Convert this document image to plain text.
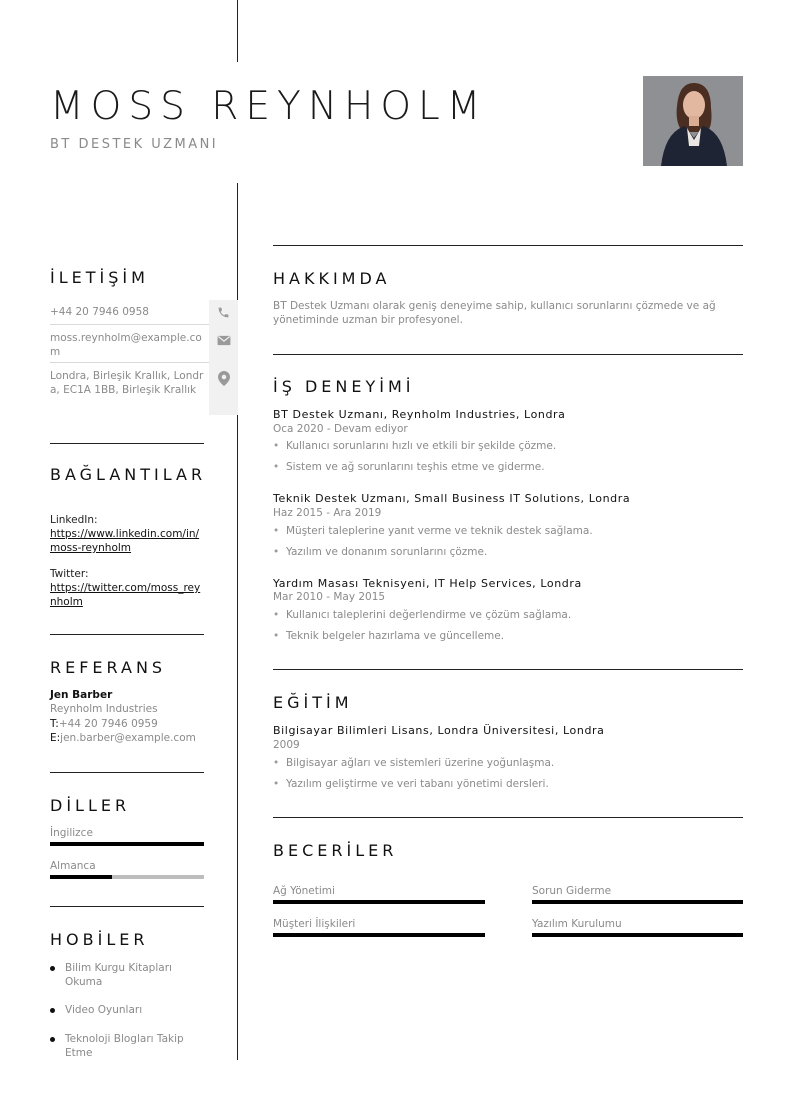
MOSS REYNHOLM
BT DESTEK UZMANI
İLETİŞİM
+44 20 7946 0958
moss.reynholm@example.com
Londra, Birleşik Krallık, Londra, EC1A 1BB, Birleşik Krallık
BAĞLANTILAR
LinkedIn:
https://www.linkedin.com/in/moss-reynholm
Twitter:
https://twitter.com/moss_reynholm
REFERANS
Jen Barber
Reynholm Industries
T:+44 20 7946 0959
E:jen.barber@example.com
DİLLER
İngilizce
Almanca
HOBİLER
Bilim Kurgu Kitapları Okuma
Video Oyunları
Teknoloji Blogları Takip Etme
HAKKIMDA
BT Destek Uzmanı olarak geniş deneyime sahip, kullanıcı sorunlarını çözmede ve ağ yönetiminde uzman bir profesyonel.
İŞ DENEYİMİ
BT Destek Uzmanı, Reynholm Industries, Londra
Oca 2020 - Devam ediyor
• Kullanıcı sorunlarını hızlı ve etkili bir şekilde çözme.
• Sistem ve ağ sorunlarını teşhis etme ve giderme.
Teknik Destek Uzmanı, Small Business IT Solutions, Londra
Haz 2015 - Ara 2019
• Müşteri taleplerine yanıt verme ve teknik destek sağlama.
• Yazılım ve donanım sorunlarını çözme.
Yardım Masası Teknisyeni, IT Help Services, Londra
Mar 2010 - May 2015
• Kullanıcı taleplerini değerlendirme ve çözüm sağlama.
• Teknik belgeler hazırlama ve güncelleme.
EĞİTİM
Bilgisayar Bilimleri Lisans, Londra Üniversitesi, Londra
2009
• Bilgisayar ağları ve sistemleri üzerine yoğunlaşma.
• Yazılım geliştirme ve veri tabanı yönetimi dersleri.
BECERİLER
Ağ Yönetimi	Sorun Giderme
Müşteri İlişkileri	Yazılım Kurulumu
